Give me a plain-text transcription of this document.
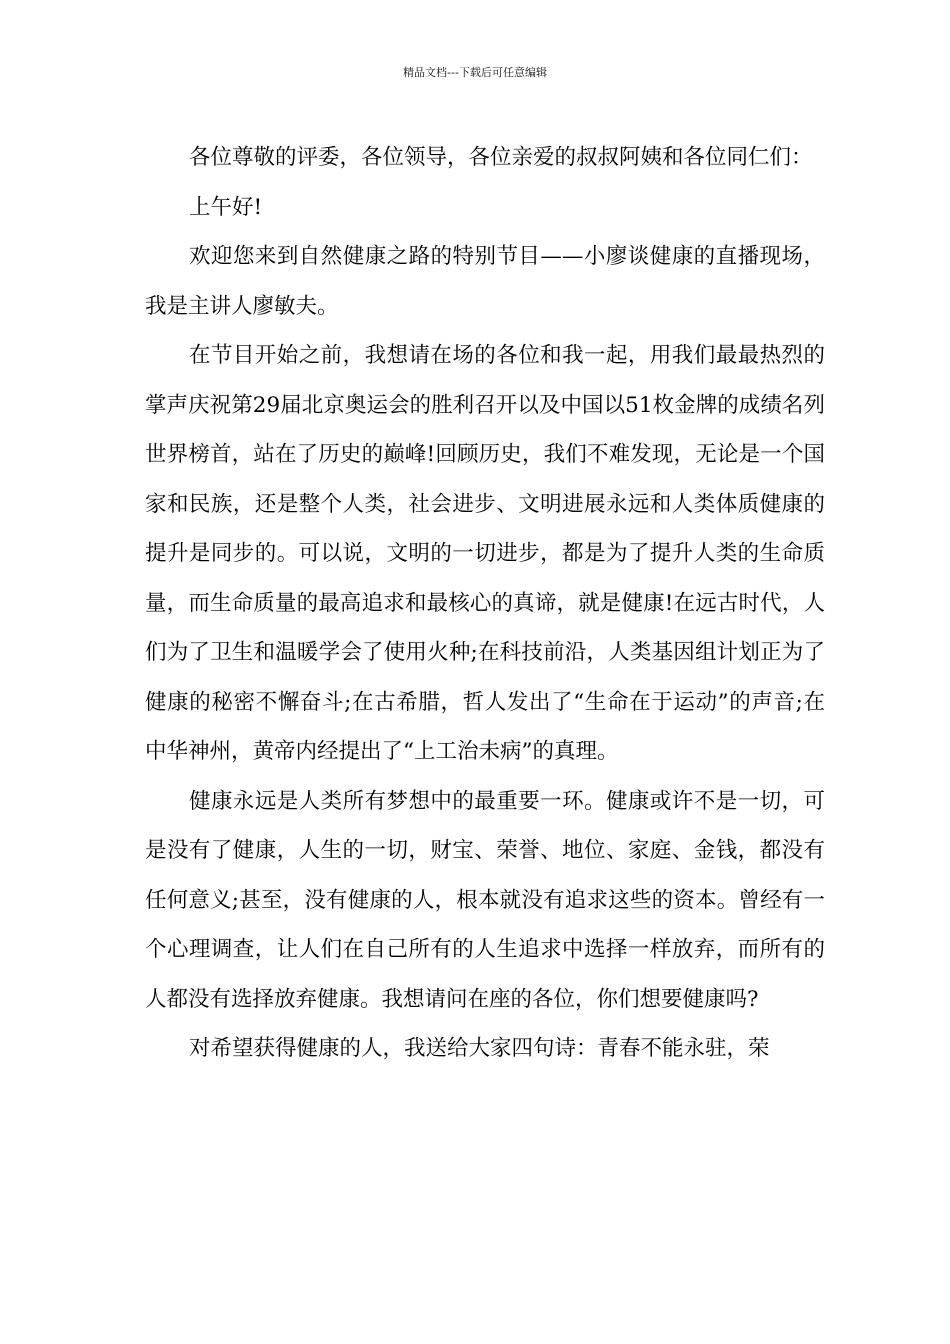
精品文档---下载后可任意编辑

各位尊敬的评委，各位领导，各位亲爱的叔叔阿姨和各位同仁们：

上午好!

欢迎您来到自然健康之路的特别节目——小廖谈健康的直播现场，我是主讲人廖敏夫。

在节目开始之前，我想请在场的各位和我一起，用我们最最热烈的掌声庆祝第29届北京奥运会的胜利召开以及中国以51枚金牌的成绩名列世界榜首，站在了历史的巅峰!回顾历史，我们不难发现，无论是一个国家和民族，还是整个人类，社会进步、文明进展永远和人类体质健康的提升是同步的。可以说，文明的一切进步，都是为了提升人类的生命质量，而生命质量的最高追求和最核心的真谛，就是健康!在远古时代，人们为了卫生和温暖学会了使用火种;在科技前沿，人类基因组计划正为了健康的秘密不懈奋斗;在古希腊，哲人发出了“生命在于运动”的声音;在中华神州，黄帝内经提出了“上工治未病”的真理。

健康永远是人类所有梦想中的最重要一环。健康或许不是一切，可是没有了健康，人生的一切，财宝、荣誉、地位、家庭、金钱，都没有任何意义;甚至，没有健康的人，根本就没有追求这些的资本。曾经有一个心理调查，让人们在自己所有的人生追求中选择一样放弃，而所有的人都没有选择放弃健康。我想请问在座的各位，你们想要健康吗?

对希望获得健康的人，我送给大家四句诗：青春不能永驻，荣
